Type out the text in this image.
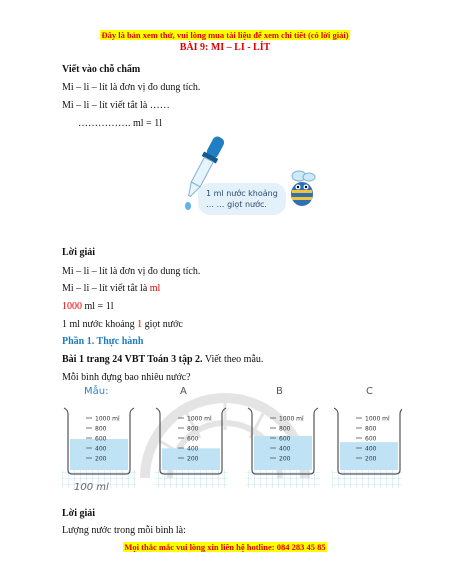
Đây là bản xem thử, vui lòng mua tài liệu để xem chi tiết (có lời giải)
BÀI 9: MI – LI - LÍT
Viết vào chỗ chấm
Mi – li – lít là đơn vị đo dung tích.
Mi – li – lít viết tắt là ……
……………. ml = 1l
1 ml nước khoảng
… … giọt nước.
Lời giải
Mi – li – lít là đơn vị đo dung tích.
Mi – li – lít viết tắt là ml
1000 ml = 1l
1 ml nước khoảng 1 giọt nước
Phần 1. Thực hành
Bài 1 trang 24 VBT Toán 3 tập 2. Viết theo mẫu.
Mỗi bình đựng bao nhiêu nước?
Mẫu:	A	B	C
1000 ml
800
600
400
200
1000 ml
800
600
400
200
1000 ml
800
600
400
200
1000 ml
800
600
400
200
100 ml
Lời giải
Lượng nước trong mỗi bình là:
Mọi thắc mắc vui lòng xin liên hệ hotline: 084 283 45 85
